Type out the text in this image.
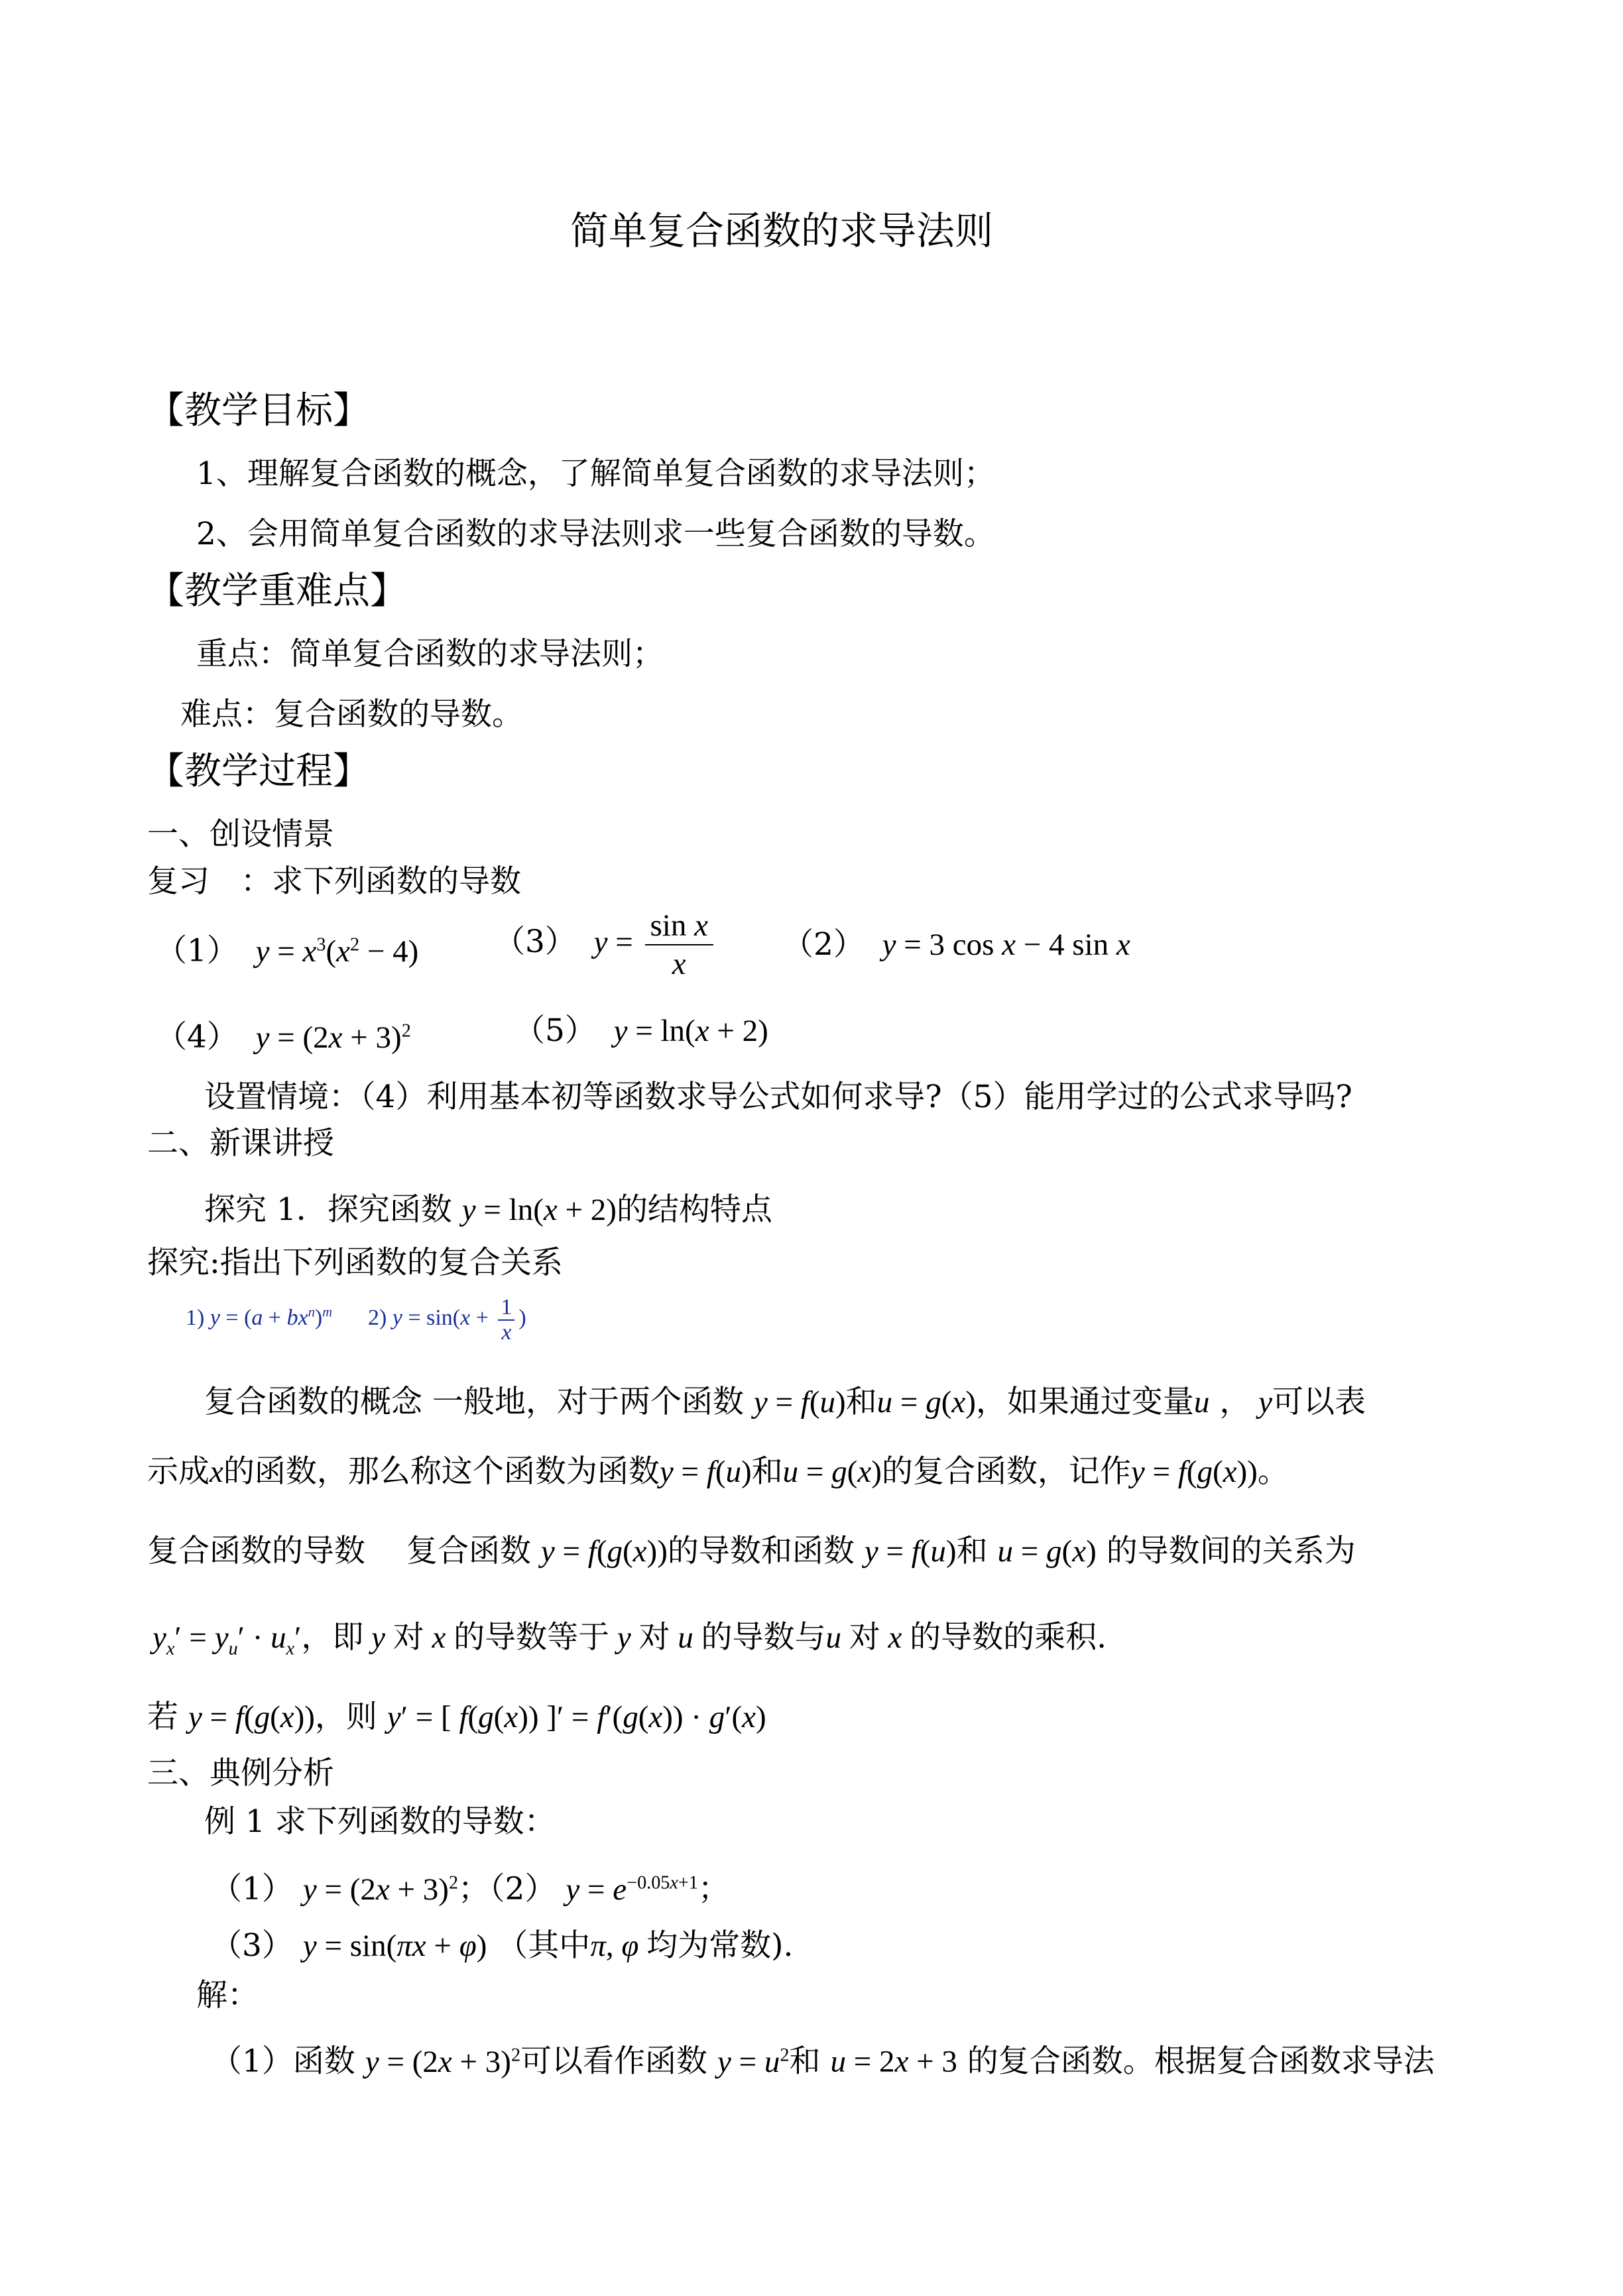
简单复合函数的求导法则
【教学目标】
1、理解复合函数的概念，了解简单复合函数的求导法则；
2、会用简单复合函数的求导法则求一些复合函数的导数。
【教学重难点】
重点：简单复合函数的求导法则；
难点：复合函数的导数。
【教学过程】
一、创设情景
复习　：求下列函数的导数
（1）  $y = x^3(x^2 - 4)$ （3）  $y = \frac{\text{sin x}}{x} (2) y = 3$ cos x − 4 sin x
（4）  $y = (2x + 3)^2$	（5）  y = ln(x + 2)
设置情境：（4）利用基本初等函数求导公式如何求导?（5）能用学过的公式求导吗?
二、新课讲授
探究 1．探究函数 y = ln(x + 2)的结构特点
探究:指出下列函数的复合关系
1) $y = (a + bx^n)^m$ 2) $y = \sin(x + \frac{1}{x}$ )
复合函数的概念 一般地，对于两个函数 y = f(u)和u = g(x)，如果通过变量u ， y可以表
示成x的函数，那么称这个函数为函数y = f(u)和u = g(x)的复合函数，记作y = f(g(x))。
复合函数的导数　 复合函数 y = f(g(x))的导数和函数 y = f(u)和 u = g(x) 的导数间的关系为
$y_x' = y_u' \cdot u_x'$，即 y 对 x 的导数等于 y 对 u 的导数与u 对 x 的导数的乘积.
若 y = f(g(x))，则 y′ = [ f(g(x)) ]′ = f′(g(x)) · g′(x)
三、典例分析
例 1 求下列函数的导数：
（1） $y = (2x + 3)^2$；（2） $y = e^{-0.05x+1}$；
（3） y = sin(πx + φ) （其中π, φ 均为常数).
解：
（1）函数 $y = (2x + 3)^2$可以看作函数 $y = u^2$和 u = 2x + 3 的复合函数。根据复合函数求导法
